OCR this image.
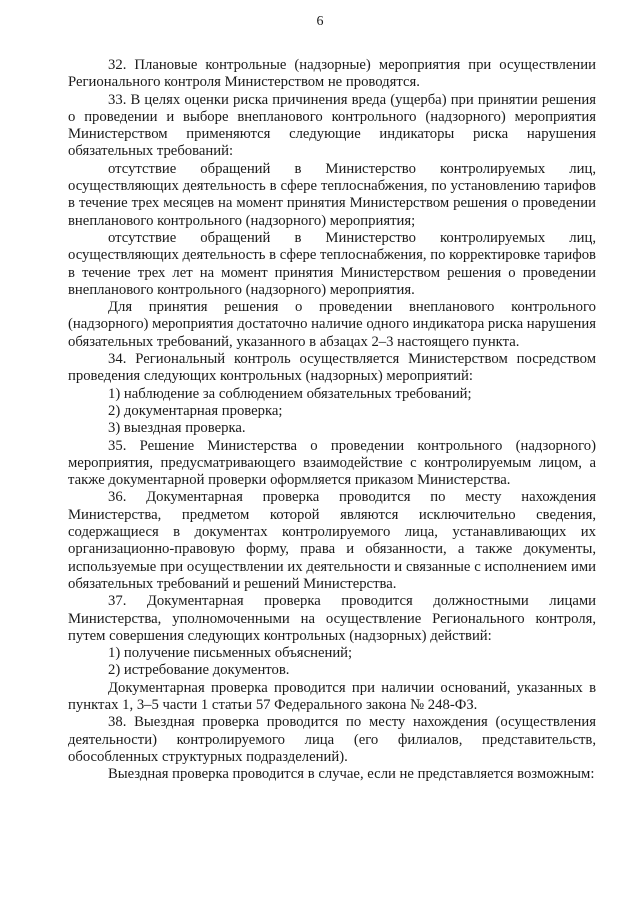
6

32. Плановые контрольные (надзорные) мероприятия при осуществлении Регионального контроля Министерством не проводятся.

33. В целях оценки риска причинения вреда (ущерба) при принятии решения о проведении и выборе внепланового контрольного (надзорного) мероприятия Министерством применяются следующие индикаторы риска нарушения обязательных требований:

отсутствие обращений в Министерство контролируемых лиц, осуществляющих деятельность в сфере теплоснабжения, по установлению тарифов в течение трех месяцев на момент принятия Министерством решения о проведении внепланового контрольного (надзорного) мероприятия;

отсутствие обращений в Министерство контролируемых лиц, осуществляющих деятельность в сфере теплоснабжения, по корректировке тарифов в течение трех лет на момент принятия Министерством решения о проведении внепланового контрольного (надзорного) мероприятия.

Для принятия решения о проведении внепланового контрольного (надзорного) мероприятия достаточно наличие одного индикатора риска нарушения обязательных требований, указанного в абзацах 2–3 настоящего пункта.

34. Региональный контроль осуществляется Министерством посредством проведения следующих контрольных (надзорных) мероприятий:

1) наблюдение за соблюдением обязательных требований;

2) документарная проверка;

3) выездная проверка.

35. Решение Министерства о проведении контрольного (надзорного) мероприятия, предусматривающего взаимодействие с контролируемым лицом, а также документарной проверки оформляется приказом Министерства.

36. Документарная проверка проводится по месту нахождения Министерства, предметом которой являются исключительно сведения, содержащиеся в документах контролируемого лица, устанавливающих их организационно-правовую форму, права и обязанности, а также документы, используемые при осуществлении их деятельности и связанные с исполнением ими обязательных требований и решений Министерства.

37. Документарная проверка проводится должностными лицами Министерства, уполномоченными на осуществление Регионального контроля, путем совершения следующих контрольных (надзорных) действий:

1) получение письменных объяснений;

2) истребование документов.

Документарная проверка проводится при наличии оснований, указанных в пунктах 1, 3–5 части 1 статьи 57 Федерального закона № 248-ФЗ.

38. Выездная проверка проводится по месту нахождения (осуществления деятельности) контролируемого лица (его филиалов, представительств, обособленных структурных подразделений).

Выездная проверка проводится в случае, если не представляется возможным:
